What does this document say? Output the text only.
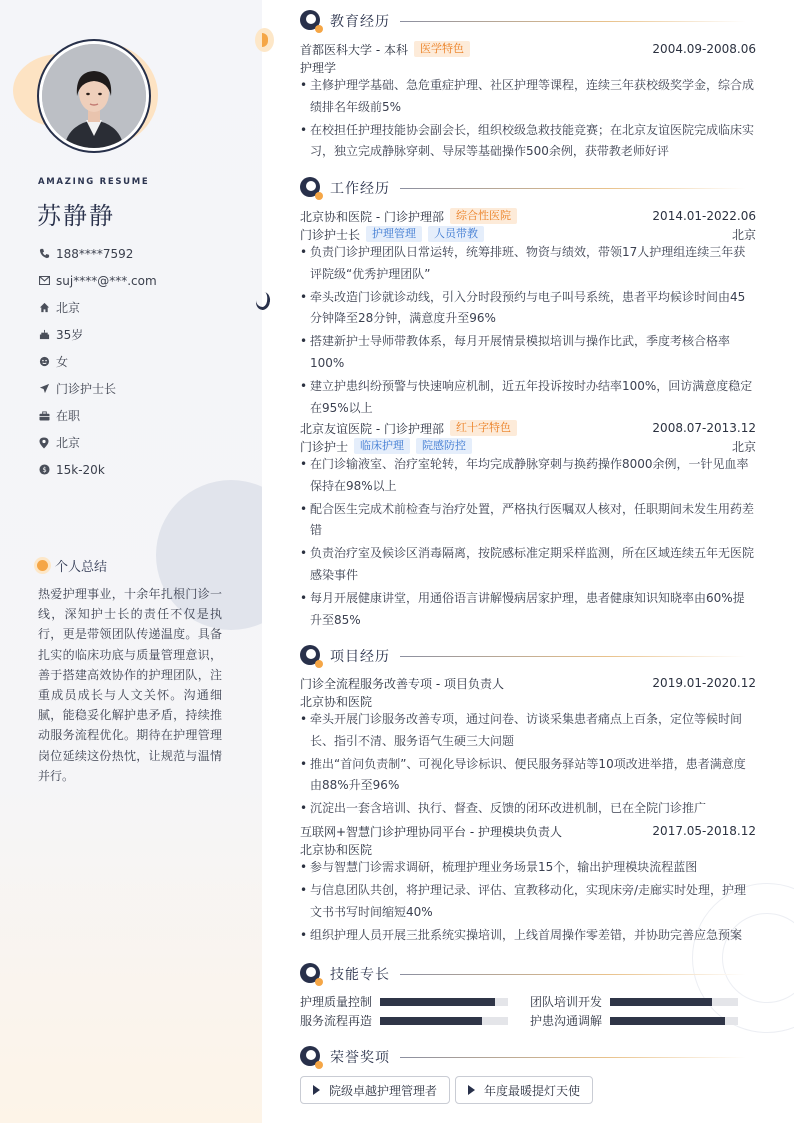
AMAZING RESUME
苏静静
188****7592
suj****@***.com
北京
35岁
女
门诊护士长
在职
北京
$ 15k-20k
个人总结
热爱护理事业，十余年扎根门诊一线，深知护士长的责任不仅是执行，更是带领团队传递温度。具备扎实的临床功底与质量管理意识，善于搭建高效协作的护理团队，注重成员成长与人文关怀。沟通细腻，能稳妥化解护患矛盾，持续推动服务流程优化。期待在护理管理岗位延续这份热忱，让规范与温情并行。
教育经历
首都医科大学 - 本科	医学特色	2004.09-2008.06
护理学
• 主修护理学基础、急危重症护理、社区护理等课程，连续三年获校级奖学金，综合成绩排名年级前5%
• 在校担任护理技能协会副会长，组织校级急救技能竞赛；在北京友谊医院完成临床实习，独立完成静脉穿刺、导尿等基础操作500余例，获带教老师好评
工作经历
北京协和医院 - 门诊护理部	综合性医院	2014.01-2022.06
门诊护士长	护理管理	人员带教	北京
• 负责门诊护理团队日常运转，统筹排班、物资与绩效，带领17人护理组连续三年获评院级“优秀护理团队”
• 牵头改造门诊就诊动线，引入分时段预约与电子叫号系统，患者平均候诊时间由45分钟降至28分钟，满意度升至96%
• 搭建新护士导师带教体系，每月开展情景模拟培训与操作比武，季度考核合格率100%
• 建立护患纠纷预警与快速响应机制，近五年投诉按时办结率100%，回访满意度稳定在95%以上
北京友谊医院 - 门诊护理部	红十字特色	2008.07-2013.12
门诊护士	临床护理	院感防控	北京
• 在门诊输液室、治疗室轮转，年均完成静脉穿刺与换药操作8000余例，一针见血率保持在98%以上
• 配合医生完成术前检查与治疗处置，严格执行医嘱双人核对，任职期间未发生用药差错
• 负责治疗室及候诊区消毒隔离，按院感标准定期采样监测，所在区域连续五年无医院感染事件
• 每月开展健康讲堂，用通俗语言讲解慢病居家护理，患者健康知识知晓率由60%提升至85%
项目经历
门诊全流程服务改善专项 - 项目负责人	2019.01-2020.12
北京协和医院
• 牵头开展门诊服务改善专项，通过问卷、访谈采集患者痛点上百条，定位等候时间长、指引不清、服务语气生硬三大问题
• 推出“首问负责制”、可视化导诊标识、便民服务驿站等10项改进举措，患者满意度由88%升至96%
• 沉淀出一套含培训、执行、督查、反馈的闭环改进机制，已在全院门诊推广
互联网+智慧门诊护理协同平台 - 护理模块负责人	2017.05-2018.12
北京协和医院
• 参与智慧门诊需求调研，梳理护理业务场景15个，输出护理模块流程蓝图
• 与信息团队共创，将护理记录、评估、宣教移动化，实现床旁/走廊实时处理，护理文书书写时间缩短40%
• 组织护理人员开展三批系统实操培训，上线首周操作零差错，并协助完善应急预案
技能专长
护理质量控制	团队培训开发
服务流程再造	护患沟通调解
荣誉奖项
院级卓越护理管理者	年度最暖提灯天使
